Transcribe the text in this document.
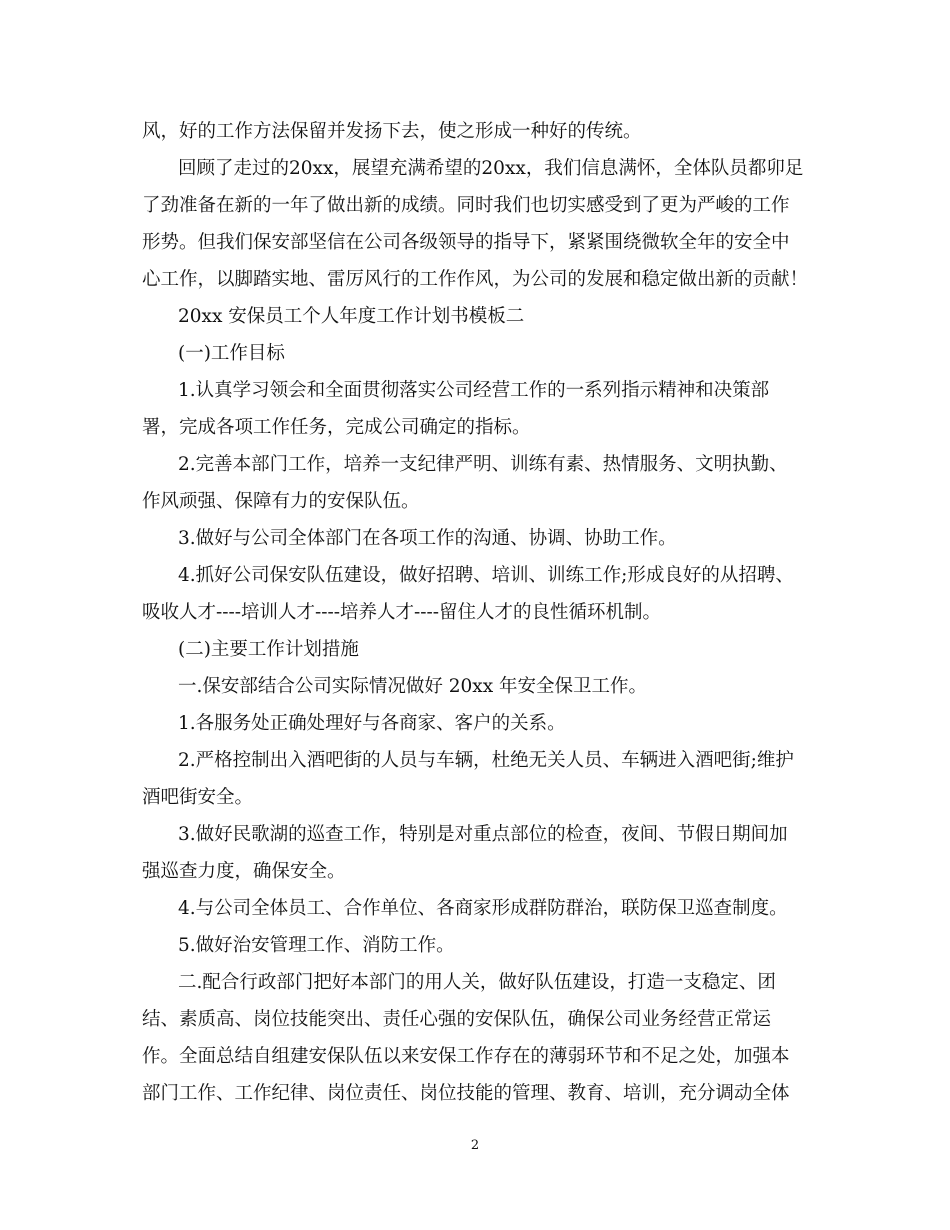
风，好的工作方法保留并发扬下去，使之形成一种好的传统。
回顾了走过的20xx，展望充满希望的20xx，我们信息满怀，全体队员都卯足
了劲准备在新的一年了做出新的成绩。同时我们也切实感受到了更为严峻的工作
形势。但我们保安部坚信在公司各级领导的指导下，紧紧围绕微软全年的安全中
心工作，以脚踏实地、雷厉风行的工作作风，为公司的发展和稳定做出新的贡献！
20xx 安保员工个人年度工作计划书模板二
(一)工作目标
1.认真学习领会和全面贯彻落实公司经营工作的一系列指示精神和决策部
署，完成各项工作任务，完成公司确定的指标。
2.完善本部门工作，培养一支纪律严明、训练有素、热情服务、文明执勤、
作风顽强、保障有力的安保队伍。
3.做好与公司全体部门在各项工作的沟通、协调、协助工作。
4.抓好公司保安队伍建设，做好招聘、培训、训练工作;形成良好的从招聘、
吸收人才----培训人才----培养人才----留住人才的良性循环机制。
(二)主要工作计划措施
一.保安部结合公司实际情况做好 20xx 年安全保卫工作。
1.各服务处正确处理好与各商家、客户的关系。
2.严格控制出入酒吧街的人员与车辆，杜绝无关人员、车辆进入酒吧街;维护
酒吧街安全。
3.做好民歌湖的巡查工作，特别是对重点部位的检查，夜间、节假日期间加
强巡查力度，确保安全。
4.与公司全体员工、合作单位、各商家形成群防群治，联防保卫巡查制度。
5.做好治安管理工作、消防工作。
二.配合行政部门把好本部门的用人关，做好队伍建设，打造一支稳定、团
结、素质高、岗位技能突出、责任心强的安保队伍，确保公司业务经营正常运
作。全面总结自组建安保队伍以来安保工作存在的薄弱环节和不足之处，加强本
部门工作、工作纪律、岗位责任、岗位技能的管理、教育、培训，充分调动全体
2
